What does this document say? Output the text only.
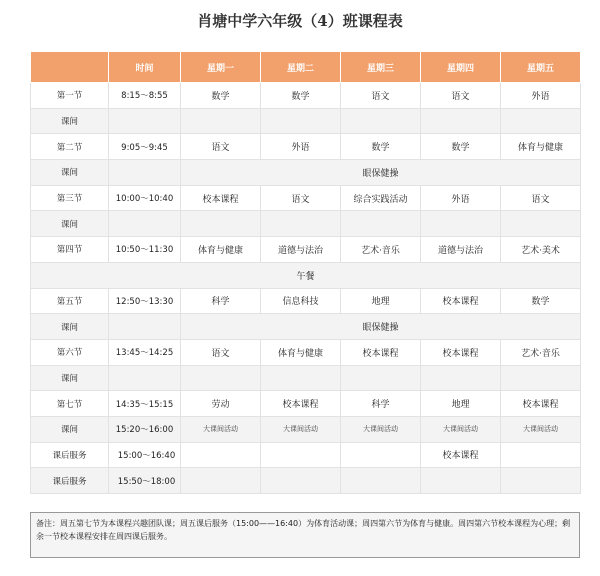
肖塘中学六年级（4）班课程表
	时间	星期一	星期二	星期三	星期四	星期五
第一节	8:15～8:55	数学	数学	语文	语文	外语
课间						
第二节	9:05～9:45	语文	外语	数学	数学	体育与健康
课间		眼保健操				
第三节	10:00～10:40	校本课程	语文	综合实践活动	外语	语文
课间						
第四节	10:50～11:30	体育与健康	道德与法治	艺术·音乐	道德与法治	艺术·美术
午餐						
第五节	12:50～13:30	科学	信息科技	地理	校本课程	数学
课间		眼保健操				
第六节	13:45～14:25	语文	体育与健康	校本课程	校本课程	艺术·音乐
课间						
第七节	14:35～15:15	劳动	校本课程	科学	地理	校本课程
课间	15:20～16:00	大课间活动	大课间活动	大课间活动	大课间活动	大课间活动
课后服务	15:00～16:40				校本课程	
课后服务	15:50～18:00					
备注：周五第七节为本课程兴趣团队课；周五课后服务（15:00——16:40）为体育活动课；周四第六节为体育与健康。周四第六节校本课程为心理；剩余一节校本课程安排在周四课后服务。
